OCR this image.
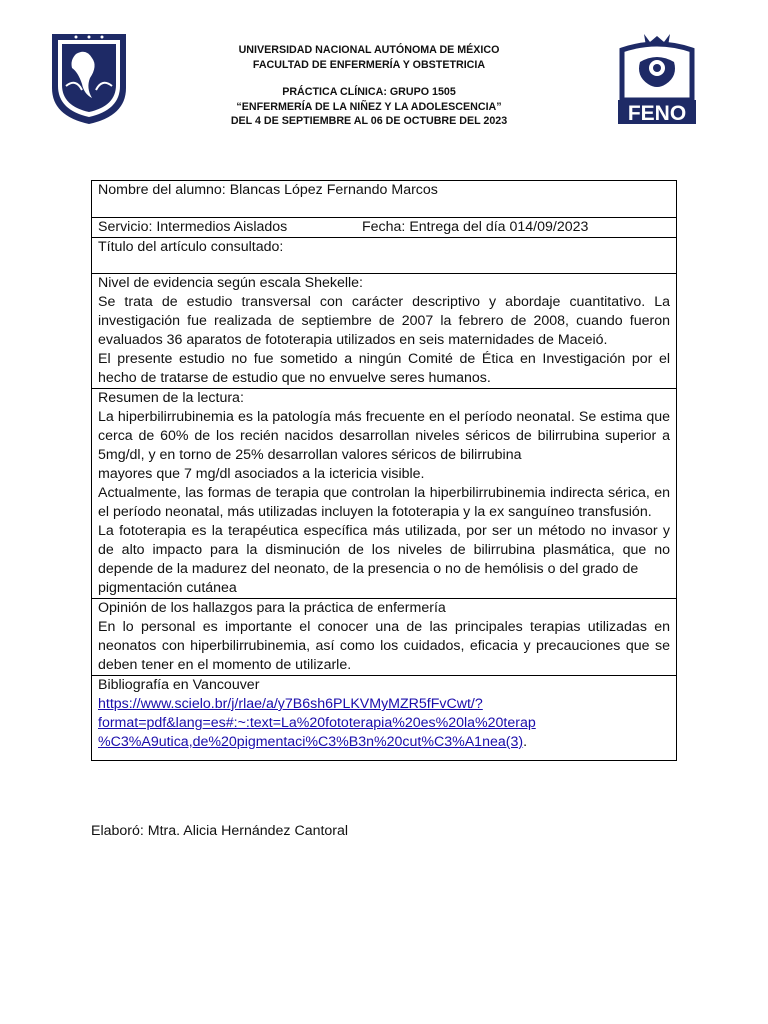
UNIVERSIDAD NACIONAL AUTÓNOMA DE MÉXICO
FACULTAD DE ENFERMERÍA Y OBSTETRICIA
PRÁCTICA CLÍNICA: GRUPO 1505
“ENFERMERÍA DE LA NIÑEZ Y LA ADOLESCENCIA”
DEL 4 DE SEPTIEMBRE AL 06 DE OCTUBRE DEL 2023	FENO
Nombre del alumno: Blancas López Fernando Marcos

Servicio: Intermedios Aislados	Fecha: Entrega del día 014/09/2023

Título del artículo consultado:

Nivel de evidencia según escala Shekelle:
Se trata de estudio transversal con carácter descriptivo y abordaje cuantitativo. La investigación fue realizada de septiembre de 2007 la febrero de 2008, cuando fueron evaluados 36 aparatos de fototerapia utilizados en seis maternidades de Maceió.
El presente estudio no fue sometido a ningún Comité de Ética en Investigación por el hecho de tratarse de estudio que no envuelve seres humanos.

Resumen de la lectura:
La hiperbilirrubinemia es la patología más frecuente en el período neonatal. Se estima que cerca de 60% de los recién nacidos desarrollan niveles séricos de bilirrubina superior a 5mg/dl, y en torno de 25% desarrollan valores séricos de bilirrubina
mayores que 7 mg/dl asociados a la ictericia visible.
Actualmente, las formas de terapia que controlan la hiperbilirrubinemia indirecta sérica, en el período neonatal, más utilizadas incluyen la fototerapia y la ex sanguíneo transfusión.
La fototerapia es la terapéutica específica más utilizada, por ser un método no invasor y de alto impacto para la disminución de los niveles de bilirrubina plasmática, que no depende de la madurez del neonato, de la presencia o no de hemólisis o del grado de
pigmentación cutánea

Opinión de los hallazgos para la práctica de enfermería
En lo personal es importante el conocer una de las principales terapias utilizadas en neonatos con hiperbilirrubinemia, así como los cuidados, eficacia y precauciones que se deben tener en el momento de utilizarle.

Bibliografía en Vancouver
https://www.scielo.br/j/rlae/a/y7B6sh6PLKVMyMZR5fFvCwt/?
format=pdf&lang=es#:~:text=La%20fototerapia%20es%20la%20terap
%C3%A9utica,de%20pigmentaci%C3%B3n%20cut%C3%A1nea(3).
Elaboró: Mtra. Alicia Hernández Cantoral
